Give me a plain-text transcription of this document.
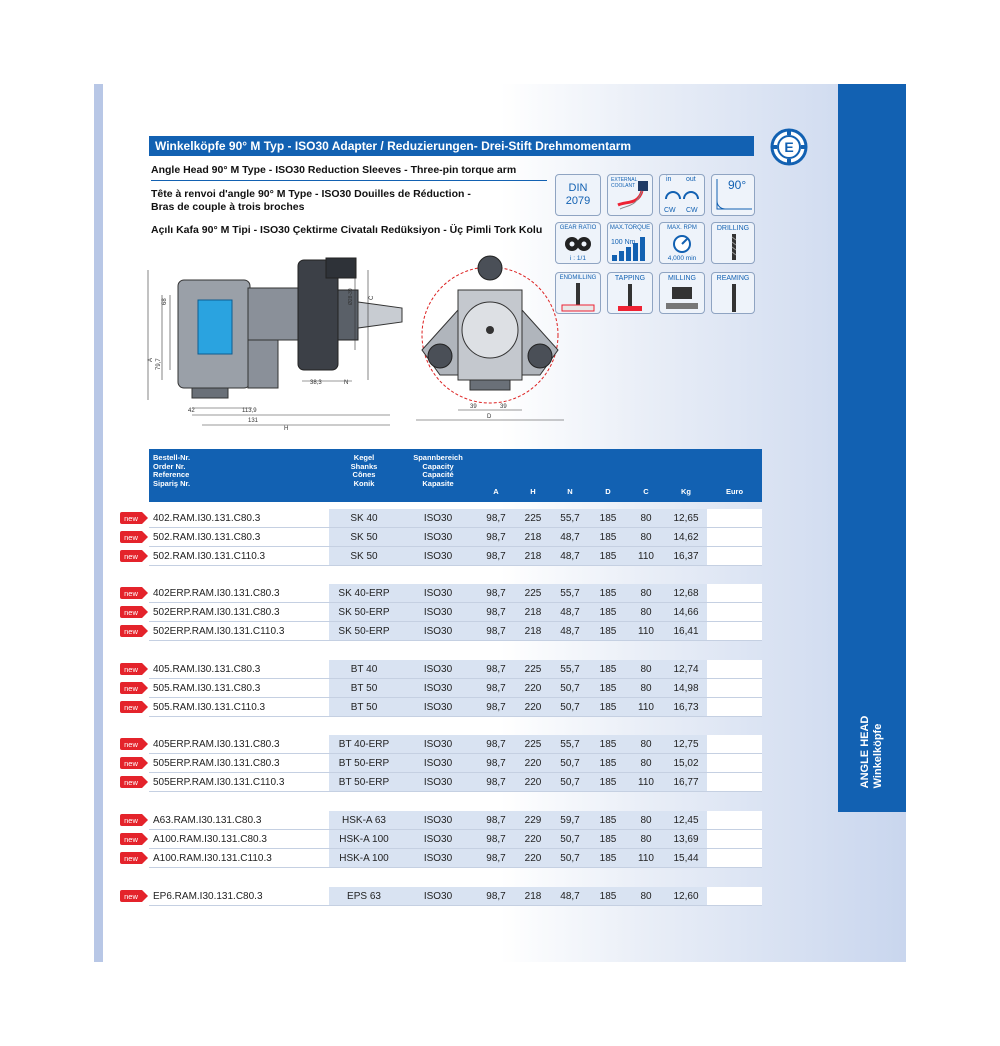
ANGLE HEAD Winkelköpfe
Winkelköpfe 90° M Typ - ISO30 Adapter / Reduzierungen- Drei-Stift Drehmomentarm
Angle Head 90° M Type - ISO30 Reduction Sleeves - Three-pin torque arm
Tête à renvoi d'angle 90° M Type - ISO30 Douilles de Réduction -
Bras de couple à trois broches
Açılı Kafa 90° M Tipi - ISO30 Çektirme Civatalı Redüksiyon - Üç Pimli Tork Kolu
E
DIN
2079
EXTERNAL COOLANT
in out
CW CW
90°
GEAR RATIO
i : 1/1
MAX.TORQUE
100 Nm
MAX. RPM
4,000 min
DRILLING
ENDMILLING	TAPPING	MILLING	REAMING
68
79,7
A
C
Ø28-39
38,3	N
42	113,9
131
H
39	39
D
Bestell-Nr.
Order Nr.
Reference
Sipariş Nr.
Kegel
Shanks
Cônes
Konik
Spannbereich
Capacity
Capacité
Kapasite
A	H	N	D	C	Kg	Euro
402.RAM.I30.131.C80.3	SK 40	ISO30	98,7	225	55,7	185	80	12,65
502.RAM.I30.131.C80.3	SK 50	ISO30	98,7	218	48,7	185	80	14,62
502.RAM.I30.131.C110.3	SK 50	ISO30	98,7	218	48,7	185	110	16,37
402ERP.RAM.I30.131.C80.3	SK 40-ERP	ISO30	98,7	225	55,7	185	80	12,68
502ERP.RAM.I30.131.C80.3	SK 50-ERP	ISO30	98,7	218	48,7	185	80	14,66
502ERP.RAM.I30.131.C110.3	SK 50-ERP	ISO30	98,7	218	48,7	185	110	16,41
405.RAM.I30.131.C80.3	BT 40	ISO30	98,7	225	55,7	185	80	12,74
505.RAM.I30.131.C80.3	BT 50	ISO30	98,7	220	50,7	185	80	14,98
505.RAM.I30.131.C110.3	BT 50	ISO30	98,7	220	50,7	185	110	16,73
405ERP.RAM.I30.131.C80.3	BT 40-ERP	ISO30	98,7	225	55,7	185	80	12,75
505ERP.RAM.I30.131.C80.3	BT 50-ERP	ISO30	98,7	220	50,7	185	80	15,02
505ERP.RAM.I30.131.C110.3	BT 50-ERP	ISO30	98,7	220	50,7	185	110	16,77
A63.RAM.I30.131.C80.3	HSK-A 63	ISO30	98,7	229	59,7	185	80	12,45
A100.RAM.I30.131.C80.3	HSK-A 100	ISO30	98,7	220	50,7	185	80	13,69
A100.RAM.I30.131.C110.3	HSK-A 100	ISO30	98,7	220	50,7	185	110	15,44
EP6.RAM.I30.131.C80.3	EPS 63	ISO30	98,7	218	48,7	185	80	12,60
new
new
new
new
new
new
new
new
new
new
new
new
new
new
new
new
